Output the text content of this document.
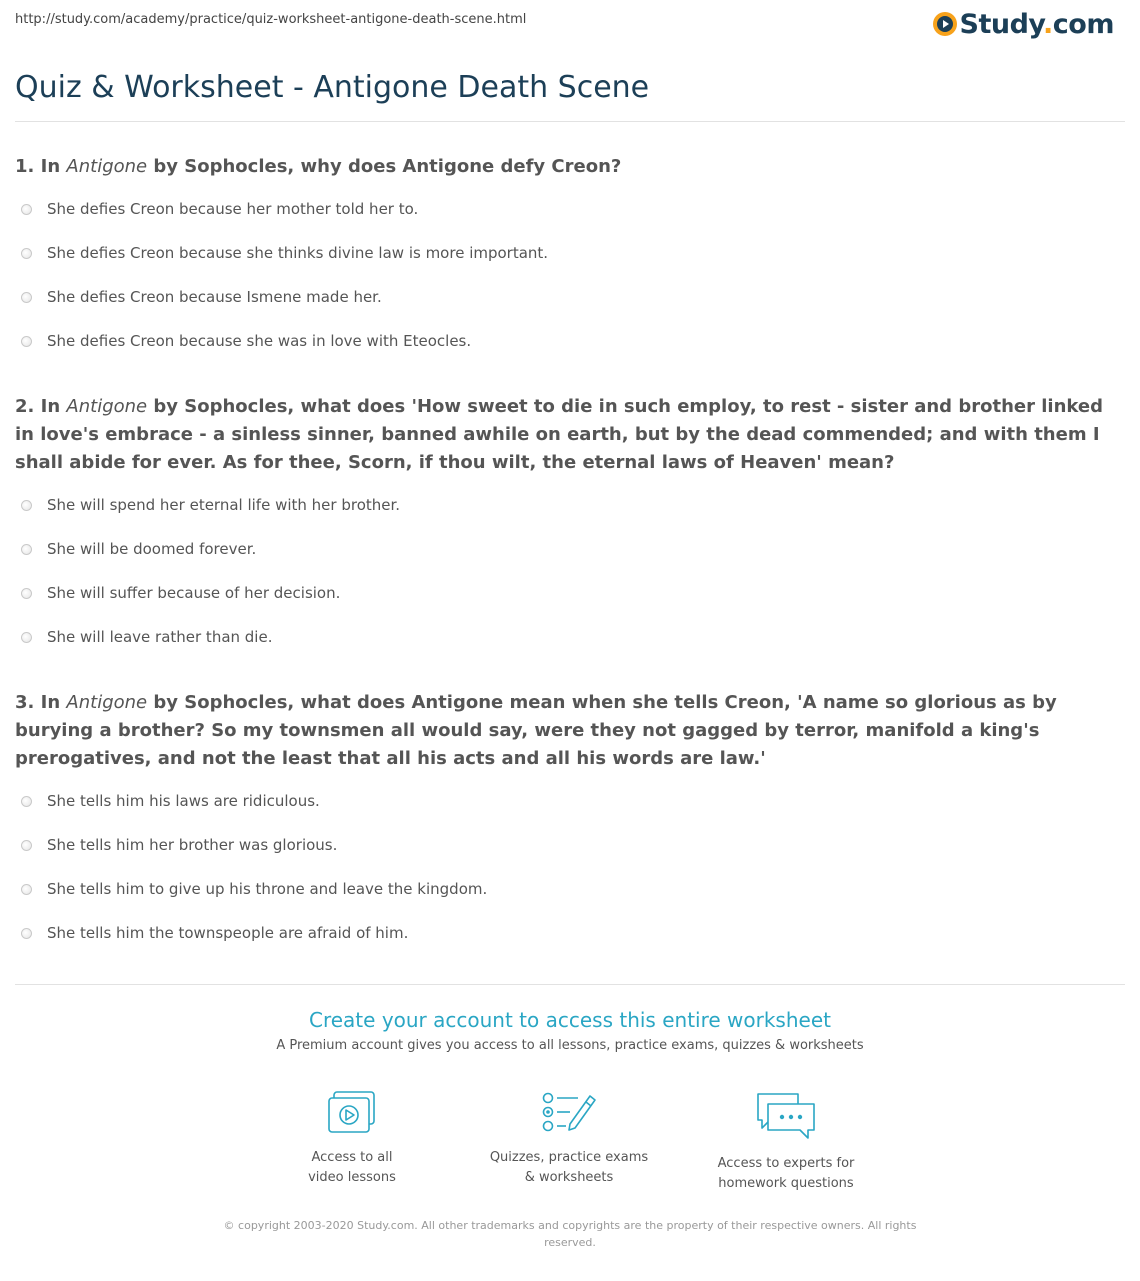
http://study.com/academy/practice/quiz-worksheet-antigone-death-scene.html	Study.com
Quiz & Worksheet - Antigone Death Scene
1. In Antigone by Sophocles, why does Antigone defy Creon?
She defies Creon because her mother told her to.
She defies Creon because she thinks divine law is more important.
She defies Creon because Ismene made her.
She defies Creon because she was in love with Eteocles.
2. In Antigone by Sophocles, what does 'How sweet to die in such employ, to rest - sister and brother linked in love's embrace - a sinless sinner, banned awhile on earth, but by the dead commended; and with them I shall abide for ever. As for thee, Scorn, if thou wilt, the eternal laws of Heaven' mean?
She will spend her eternal life with her brother.
She will be doomed forever.
She will suffer because of her decision.
She will leave rather than die.
3. In Antigone by Sophocles, what does Antigone mean when she tells Creon, 'A name so glorious as by burying a brother? So my townsmen all would say, were they not gagged by terror, manifold a king's prerogatives, and not the least that all his acts and all his words are law.'
She tells him his laws are ridiculous.
She tells him her brother was glorious.
She tells him to give up his throne and leave the kingdom.
She tells him the townspeople are afraid of him.
Create your account to access this entire worksheet
A Premium account gives you access to all lessons, practice exams, quizzes & worksheets
Access to all
video lessons
Quizzes, practice exams
& worksheets
Access to experts for
homework questions
© copyright 2003-2020 Study.com. All other trademarks and copyrights are the property of their respective owners. All rights
reserved.
